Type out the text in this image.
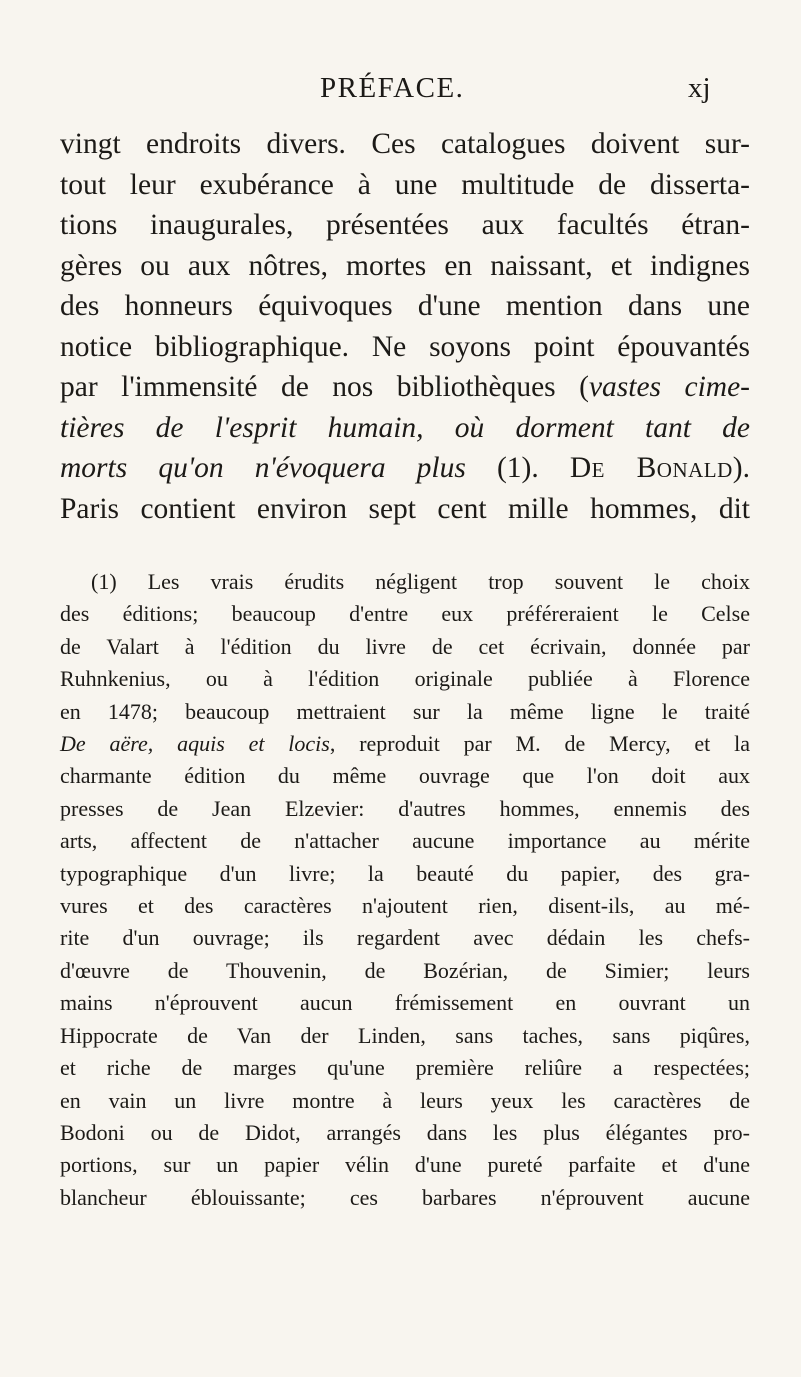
PRÉFACE.	xj
vingt endroits divers. Ces catalogues doivent sur-
tout leur exubérance à une multitude de disserta-
tions inaugurales, présentées aux facultés étran-
gères ou aux nôtres, mortes en naissant, et indignes
des honneurs équivoques d'une mention dans une
notice bibliographique. Ne soyons point épouvantés
par l'immensité de nos bibliothèques (vastes cime-
tières de l'esprit humain, où dorment tant de
morts qu'on n'évoquera plus (1). De Bonald).
Paris contient environ sept cent mille hommes, dit
(1) Les vrais érudits négligent trop souvent le choix
des éditions; beaucoup d'entre eux préféreraient le Celse
de Valart à l'édition du livre de cet écrivain, donnée par
Ruhnkenius, ou à l'édition originale publiée à Florence
en 1478; beaucoup mettraient sur la même ligne le traité
De aëre, aquis et locis, reproduit par M. de Mercy, et la
charmante édition du même ouvrage que l'on doit aux
presses de Jean Elzevier: d'autres hommes, ennemis des
arts, affectent de n'attacher aucune importance au mérite
typographique d'un livre; la beauté du papier, des gra-
vures et des caractères n'ajoutent rien, disent-ils, au mé-
rite d'un ouvrage; ils regardent avec dédain les chefs-
d'œuvre de Thouvenin, de Bozérian, de Simier; leurs
mains n'éprouvent aucun frémissement en ouvrant un
Hippocrate de Van der Linden, sans taches, sans piqûres,
et riche de marges qu'une première reliûre a respectées;
en vain un livre montre à leurs yeux les caractères de
Bodoni ou de Didot, arrangés dans les plus élégantes pro-
portions, sur un papier vélin d'une pureté parfaite et d'une
blancheur éblouissante; ces barbares n'éprouvent aucune
